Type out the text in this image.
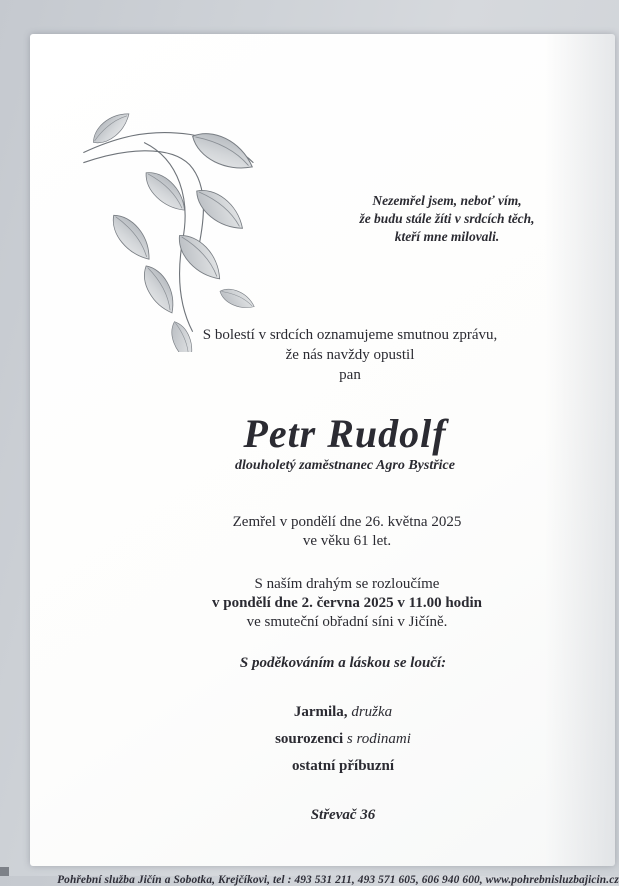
Nezemřel jsem, neboť vím,
že budu stále žíti v srdcích těch,
kteří mne milovali.
S bolestí v srdcích oznamujeme smutnou zprávu,
že nás navždy opustil
pan
Petr Rudolf
dlouholetý zaměstnanec Agro Bystřice
Zemřel v pondělí dne 26. května 2025
ve věku 61 let.
S naším drahým se rozloučíme
v pondělí dne 2. června 2025 v 11.00 hodin
ve smuteční obřadní síni v Jičíně.
S poděkováním a láskou se loučí:
Jarmila, družka
sourozenci s rodinami
ostatní příbuzní
Střevač 36
Pohřební služba Jičín a Sobotka, Krejčíkovi, tel : 493 531 211, 493 571 605, 606 940 600, www.pohrebnisluzbajicin.cz
